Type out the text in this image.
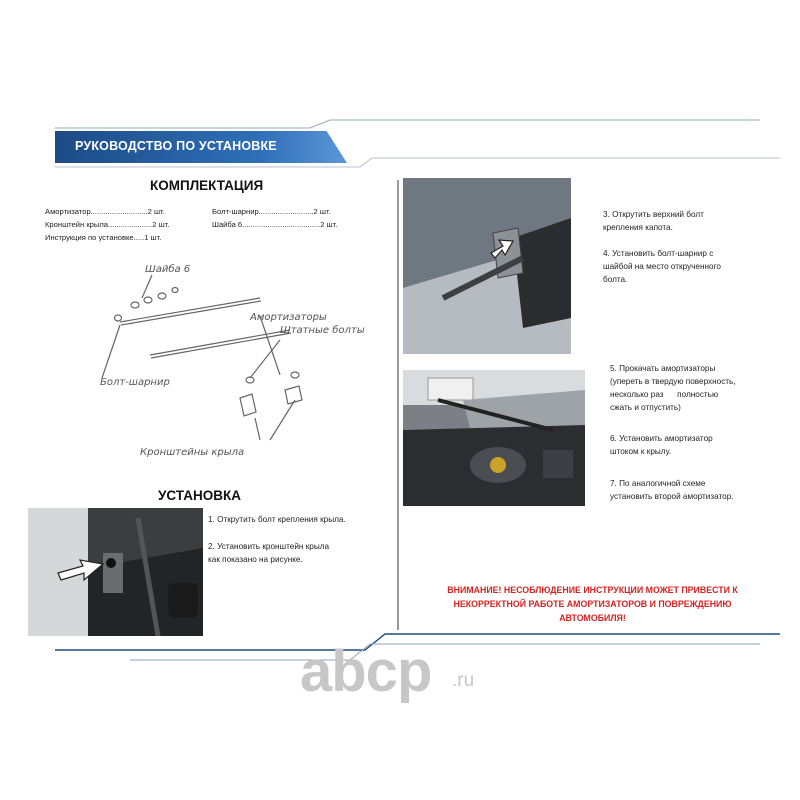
РУКОВОДСТВО ПО УСТАНОВКЕ
КОМПЛЕКТАЦИЯ
Амортизатор...........................2 шт.
Кронштейн крыла.....................2 шт.
Инструкция по установке.....1 шт.
Болт-шарнир..........................2 шт.
Шайба 6.....................................2 шт.
Шайба 6
Амортизаторы
Штатные болты
Болт-шарнир
Кронштейны крыла
УСТАНОВКА
1. Открутить болт крепления крыла.
2. Установить кронштейн крыла
как показано на рисунке.
3. Открутить верхний болт
крепления капота.
4. Установить болт-шарнир с
шайбой на место открученного
болта.
5. Прокачать амортизаторы
(упереть в твердую поверхность,
несколько раз      полностью
сжать и отпустить)
6. Установить амортизатор
штоком к крылу.
7. По аналогичной схеме
установить второй амортизатор.
ВНИМАНИЕ! НЕСОБЛЮДЕНИЕ ИНСТРУКЦИИ МОЖЕТ ПРИВЕСТИ К
НЕКОРРЕКТНОЙ РАБОТЕ АМОРТИЗАТОРОВ И ПОВРЕЖДЕНИЮ
АВТОМОБИЛЯ!
abcp .ru
